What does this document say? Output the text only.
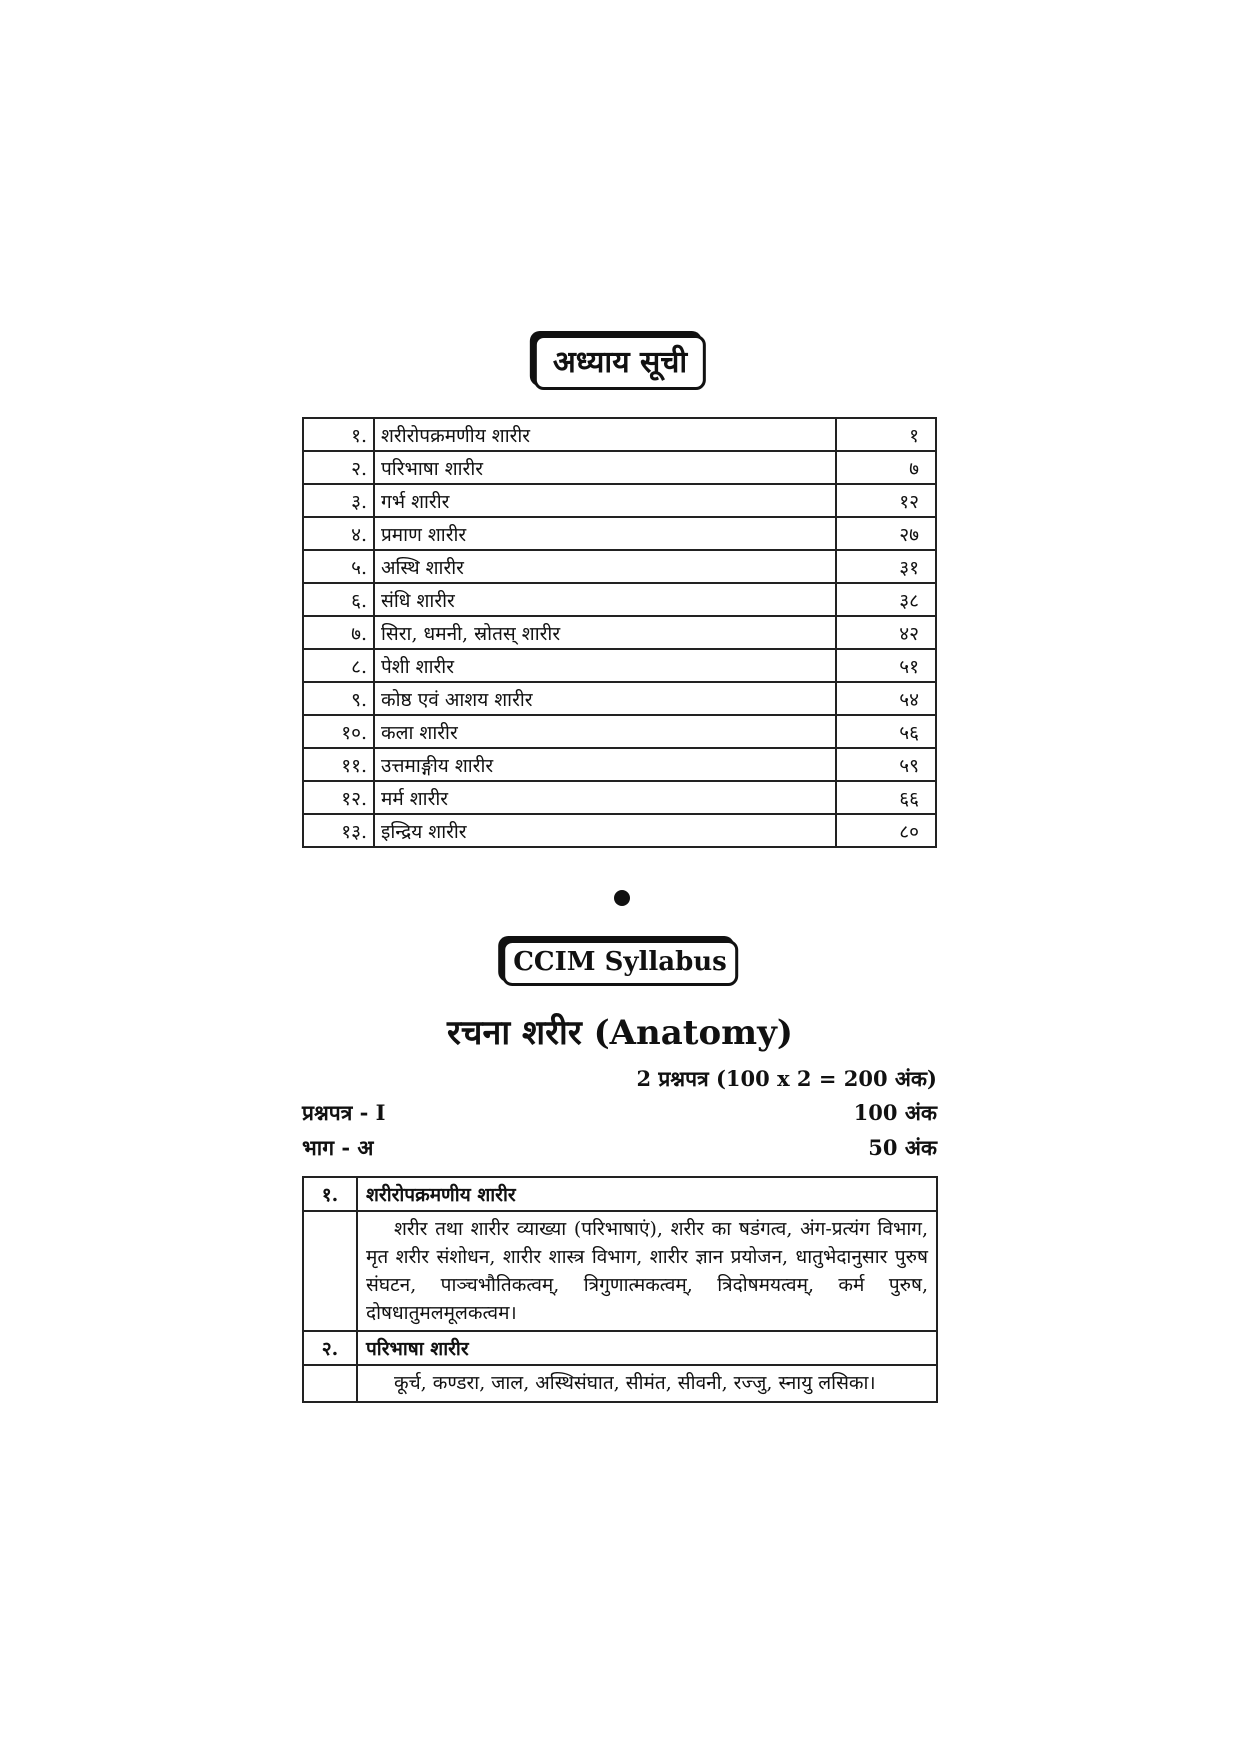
अध्याय सूची
१.	शरीरोपक्रमणीय शारीर	१
२.	परिभाषा शारीर	७
३.	गर्भ शारीर	१२
४.	प्रमाण शारीर	२७
५.	अस्थि शारीर	३१
६.	संधि शारीर	३८
७.	सिरा, धमनी, स्रोतस् शारीर	४२
८.	पेशी शारीर	५१
९.	कोष्ठ एवं आशय शारीर	५४
१०.	कला शारीर	५६
११.	उत्तमाङ्गीय शारीर	५९
१२.	मर्म शारीर	६६
१३.	इन्द्रिय शारीर	८०
CCIM Syllabus
रचना शरीर (Anatomy)
2 प्रश्नपत्र (100 x 2 = 200 अंक)
प्रश्नपत्र - I	100 अंक
भाग - अ	50 अंक
१.	शरीरोपक्रमणीय शारीर
	शरीर तथा शारीर व्याख्या (परिभाषाएं), शरीर का षडंगत्व, अंग-प्रत्यंग विभाग, मृत शरीर संशोधन, शारीर शास्त्र विभाग, शारीर ज्ञान प्रयोजन, धातुभेदानुसार पुरुष संघटन, पाञ्चभौतिकत्वम्, त्रिगुणात्मकत्वम्, त्रिदोषमयत्वम्, कर्म पुरुष, दोषधातुमलमूलकत्वम।
२.	परिभाषा शारीर
	कूर्च, कण्डरा, जाल, अस्थिसंघात, सीमंत, सीवनी, रज्जु, स्नायु लसिका।
